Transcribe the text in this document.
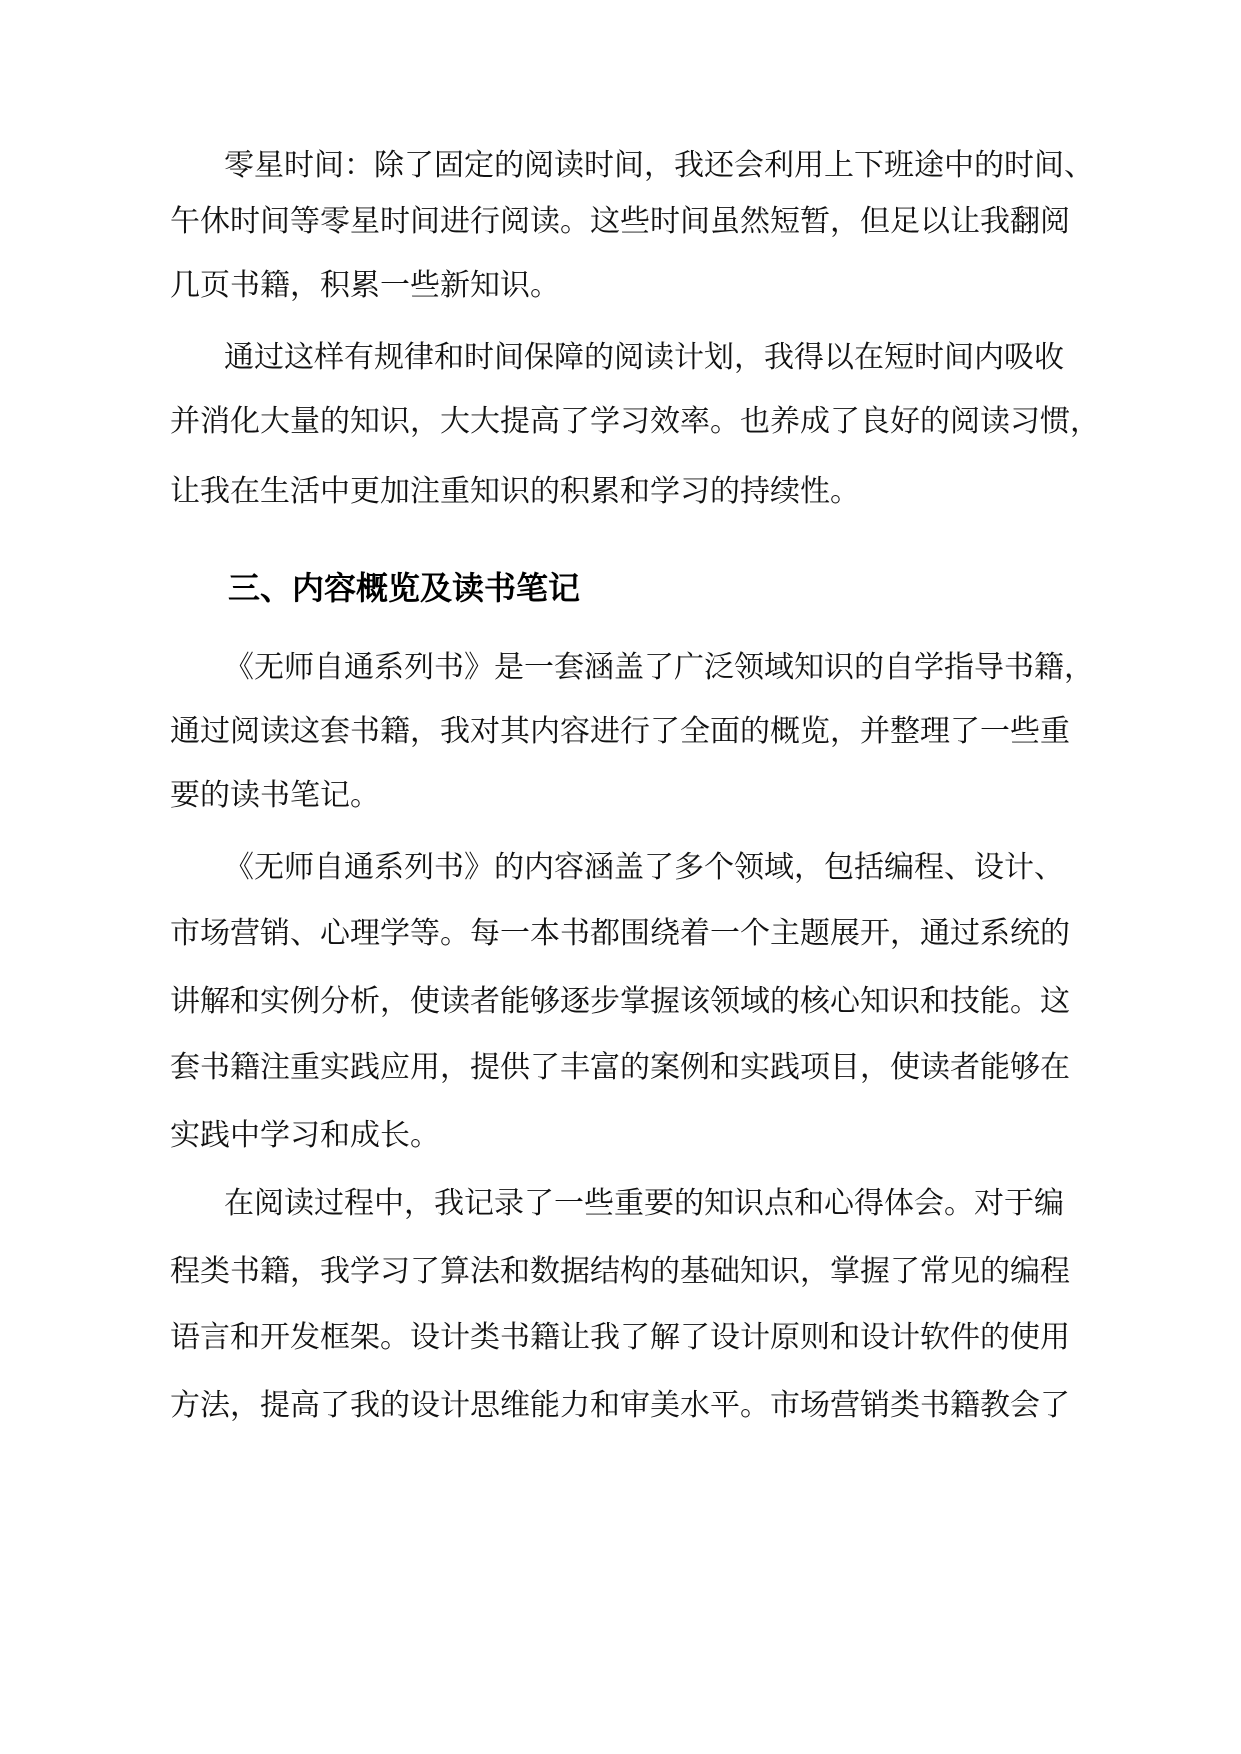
零星时间：除了固定的阅读时间，我还会利用上下班途中的时间、

午休时间等零星时间进行阅读。这些时间虽然短暂，但足以让我翻阅

几页书籍，积累一些新知识。

通过这样有规律和时间保障的阅读计划，我得以在短时间内吸收

并消化大量的知识，大大提高了学习效率。也养成了良好的阅读习惯，

让我在生活中更加注重知识的积累和学习的持续性。

三、内容概览及读书笔记

《无师自通系列书》是一套涵盖了广泛领域知识的自学指导书籍，

通过阅读这套书籍，我对其内容进行了全面的概览，并整理了一些重

要的读书笔记。

《无师自通系列书》的内容涵盖了多个领域，包括编程、设计、

市场营销、心理学等。每一本书都围绕着一个主题展开，通过系统的

讲解和实例分析，使读者能够逐步掌握该领域的核心知识和技能。这

套书籍注重实践应用，提供了丰富的案例和实践项目，使读者能够在

实践中学习和成长。

在阅读过程中，我记录了一些重要的知识点和心得体会。对于编

程类书籍，我学习了算法和数据结构的基础知识，掌握了常见的编程

语言和开发框架。设计类书籍让我了解了设计原则和设计软件的使用

方法，提高了我的设计思维能力和审美水平。市场营销类书籍教会了
